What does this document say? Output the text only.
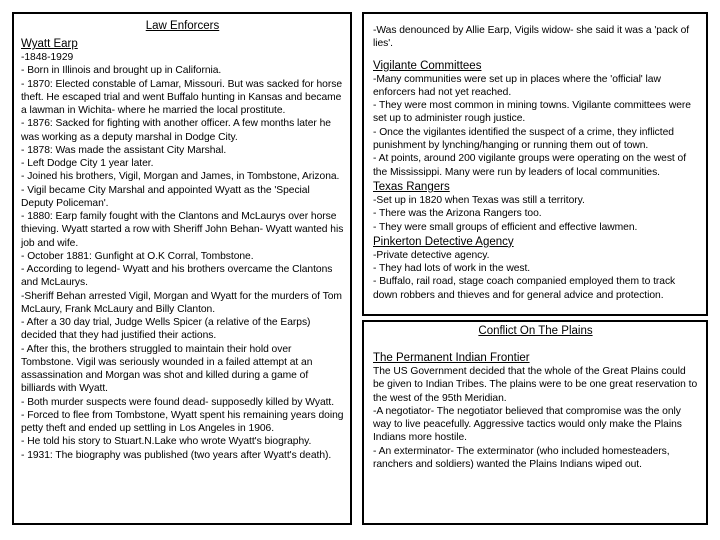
Law Enforcers
Wyatt Earp
-1848-1929
- Born in Illinois and brought up in California.
- 1870: Elected constable of Lamar, Missouri. But was sacked for horse theft. He escaped trial and went Buffalo hunting in Kansas and became a lawman in Wichita- where he married the local prostitute.
- 1876: Sacked for fighting with another officer. A few months later he was working as a deputy marshal in Dodge City.
- 1878: Was made the assistant City Marshal.
- Left Dodge City 1 year later.
- Joined his brothers, Vigil, Morgan and James, in Tombstone, Arizona.
- Vigil became City Marshal and appointed Wyatt as the 'Special Deputy Policeman'.
- 1880: Earp family fought with the Clantons and McLaurys over horse thieving. Wyatt started a row with Sheriff John Behan- Wyatt wanted his job and wife.
- October 1881: Gunfight at O.K Corral, Tombstone.
- According to legend- Wyatt and his brothers overcame the Clantons and McLaurys.
-Sheriff Behan arrested Vigil, Morgan and Wyatt for the murders of Tom McLaury, Frank McLaury and Billy Clanton.
- After a 30 day trial, Judge Wells Spicer (a relative of the Earps) decided that they had justified their actions.
- After this, the brothers struggled to maintain their hold over Tombstone. Vigil was seriously wounded in a failed attempt at an assassination and Morgan was shot and killed during a game of billiards with Wyatt.
- Both murder suspects were found dead- supposedly killed by Wyatt.
- Forced to flee from Tombstone, Wyatt spent his remaining years doing petty theft and ended up settling in Los Angeles in 1906.
- He told his story to Stuart.N.Lake who wrote Wyatt's biography.
- 1931: The biography was published (two years after Wyatt's death).
-Was denounced by Allie Earp, Vigils widow- she said it was a 'pack of lies'.
Vigilante Committees
-Many communities were set up in places where the 'official' law enforcers had not yet reached.
- They were most common in mining towns. Vigilante committees were set up to administer rough justice.
- Once the vigilantes identified the suspect of a crime, they inflicted punishment by lynching/hanging or running them out of town.
- At points, around 200 vigilante groups were operating on the west of the Mississippi. Many were run by leaders of local communities.
Texas Rangers
-Set up in 1820 when Texas was still a territory.
- There was the Arizona Rangers too.
- They were small groups of efficient and effective lawmen.
Pinkerton Detective Agency
-Private detective agency.
- They had lots of work in the west.
- Buffalo, rail road, stage coach companied employed them to track down robbers and thieves and for general advice and protection.
Conflict On The Plains
The Permanent Indian Frontier
The US Government decided that the whole of the Great Plains could be given to Indian Tribes. The plains were to be one great reservation to the west of the 95th Meridian.
-A negotiator- The negotiator believed that compromise was the only way to live peacefully. Aggressive tactics would only make the Plains Indians more hostile.
- An exterminator- The exterminator (who included homesteaders, ranchers and soldiers) wanted the Plains Indians wiped out.
